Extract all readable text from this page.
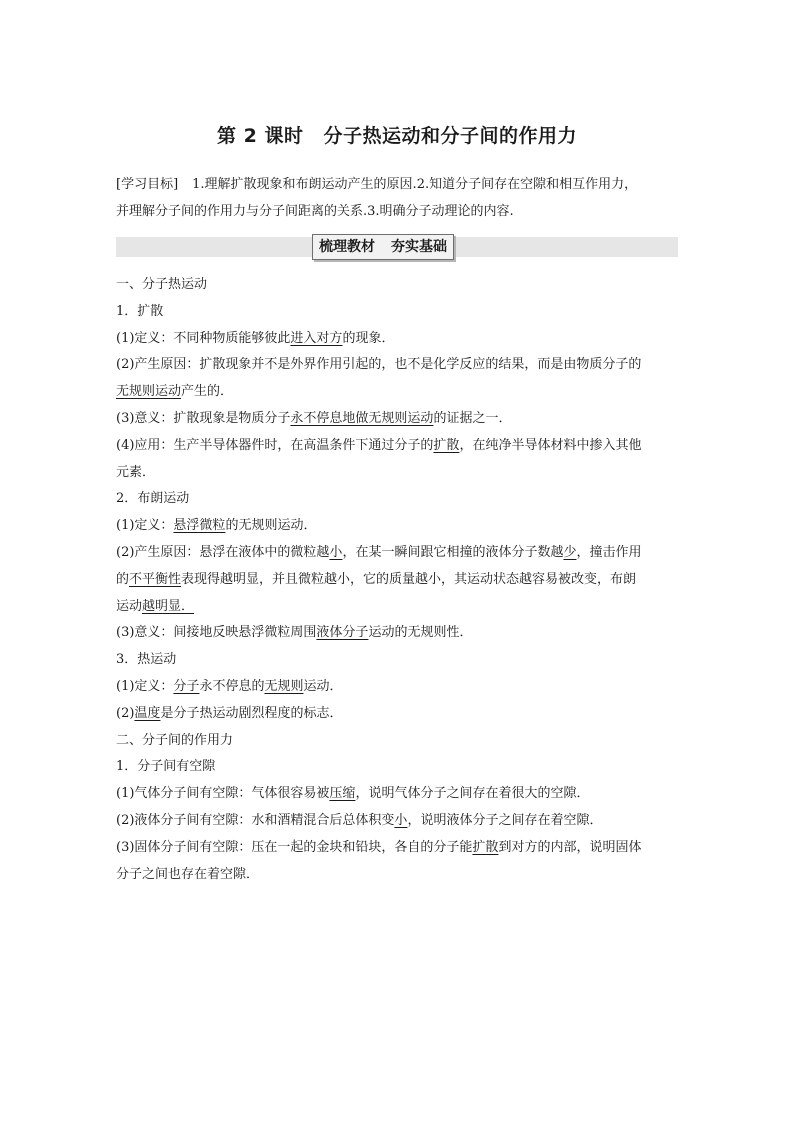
第 2 课时 分子热运动和分子间的作用力
[学习目标] 1.理解扩散现象和布朗运动产生的原因.2.知道分子间存在空隙和相互作用力，
并理解分子间的作用力与分子间距离的关系.3.明确分子动理论的内容.
梳理教材 夯实基础

一、分子热运动

1．扩散

(1)定义：不同种物质能够彼此进入对方的现象．

(2)产生原因：扩散现象并不是外界作用引起的，也不是化学反应的结果，而是由物质分子的

无规则运动产生的．

(3)意义：扩散现象是物质分子永不停息地做无规则运动的证据之一．

(4)应用：生产半导体器件时，在高温条件下通过分子的扩散，在纯净半导体材料中掺入其他

元素．

2．布朗运动

(1)定义：悬浮微粒的无规则运动．

(2)产生原因：悬浮在液体中的微粒越小，在某一瞬间跟它相撞的液体分子数越少，撞击作用

的不平衡性表现得越明显，并且微粒越小，它的质量越小，其运动状态越容易被改变，布朗

运动越明显．

(3)意义：间接地反映悬浮微粒周围液体分子运动的无规则性．

3．热运动

(1)定义：分子永不停息的无规则运动．

(2)温度是分子热运动剧烈程度的标志．

二、分子间的作用力

1．分子间有空隙

(1)气体分子间有空隙：气体很容易被压缩，说明气体分子之间存在着很大的空隙．

(2)液体分子间有空隙：水和酒精混合后总体积变小，说明液体分子之间存在着空隙．

(3)固体分子间有空隙：压在一起的金块和铅块，各自的分子能扩散到对方的内部，说明固体

分子之间也存在着空隙．
